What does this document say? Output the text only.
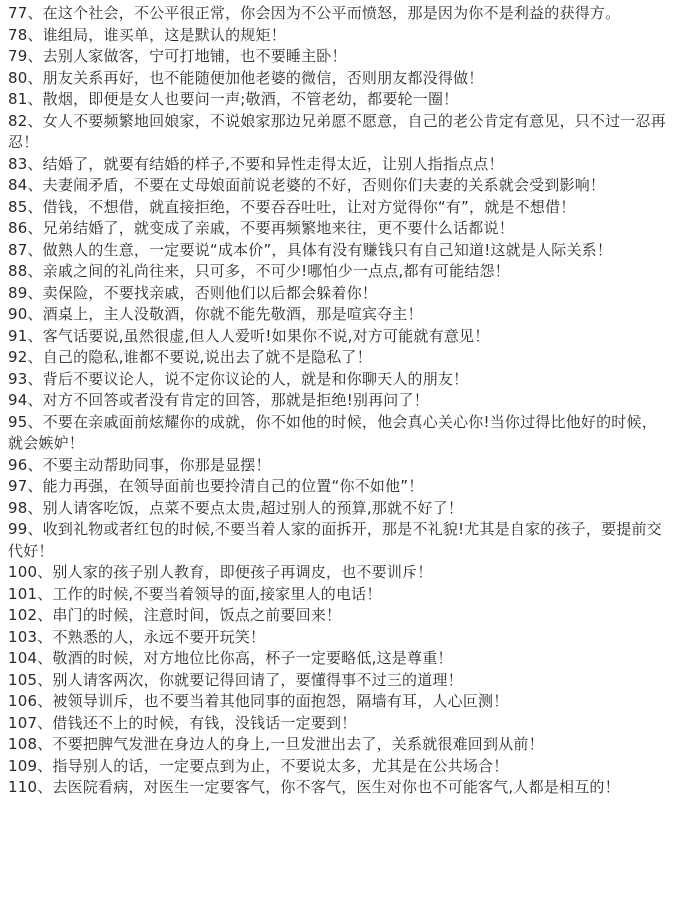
77、在这个社会，不公平很正常，你会因为不公平而愤怒，那是因为你不是利益的获得方。

78、谁组局，谁买单，这是默认的规矩！

79、去别人家做客，宁可打地铺，也不要睡主卧！

80、朋友关系再好，也不能随便加他老婆的微信，否则朋友都没得做！

81、散烟，即便是女人也要问一声;敬酒，不管老幼，都要轮一圈！

82、女人不要频繁地回娘家，不说娘家那边兄弟愿不愿意，自己的老公肯定有意见，只不过一忍再忍！

83、结婚了，就要有结婚的样子,不要和异性走得太近，让别人指指点点！

84、夫妻闹矛盾，不要在丈母娘面前说老婆的不好，否则你们夫妻的关系就会受到影响！

85、借钱，不想借，就直接拒绝，不要吞吞吐吐，让对方觉得你“有”，就是不想借！

86、兄弟结婚了，就变成了亲戚，不要再频繁地来往，更不要什么话都说！

87、做熟人的生意，一定要说“成本价”，具体有没有赚钱只有自己知道!这就是人际关系！

88、亲戚之间的礼尚往来，只可多，不可少!哪怕少一点点,都有可能结怨！

89、卖保险，不要找亲戚，否则他们以后都会躲着你！

90、酒桌上，主人没敬酒，你就不能先敬酒，那是喧宾夺主！

91、客气话要说,虽然很虚,但人人爱听!如果你不说,对方可能就有意见！

92、自己的隐私,谁都不要说,说出去了就不是隐私了！

93、背后不要议论人，说不定你议论的人，就是和你聊天人的朋友！

94、对方不回答或者没有肯定的回答，那就是拒绝!别再问了！

95、不要在亲戚面前炫耀你的成就，你不如他的时候，他会真心关心你!当你过得比他好的时候，就会嫉妒！

96、不要主动帮助同事，你那是显摆！

97、能力再强，在领导面前也要拎清自己的位置“你不如他”！

98、别人请客吃饭，点菜不要点太贵,超过别人的预算,那就不好了！

99、收到礼物或者红包的时候,不要当着人家的面拆开，那是不礼貌!尤其是自家的孩子，要提前交代好！

100、别人家的孩子别人教育，即便孩子再调皮，也不要训斥！

101、工作的时候,不要当着领导的面,接家里人的电话！

102、串门的时候，注意时间，饭点之前要回来！

103、不熟悉的人，永远不要开玩笑！

104、敬酒的时候，对方地位比你高，杯子一定要略低,这是尊重！

105、别人请客两次，你就要记得回请了，要懂得事不过三的道理！

106、被领导训斥，也不要当着其他同事的面抱怨，隔墙有耳，人心叵测！

107、借钱还不上的时候，有钱，没钱话一定要到！

108、不要把脾气发泄在身边人的身上,一旦发泄出去了，关系就很难回到从前！

109、指导别人的话，一定要点到为止，不要说太多，尤其是在公共场合！

110、去医院看病，对医生一定要客气，你不客气，医生对你也不可能客气,人都是相互的！
